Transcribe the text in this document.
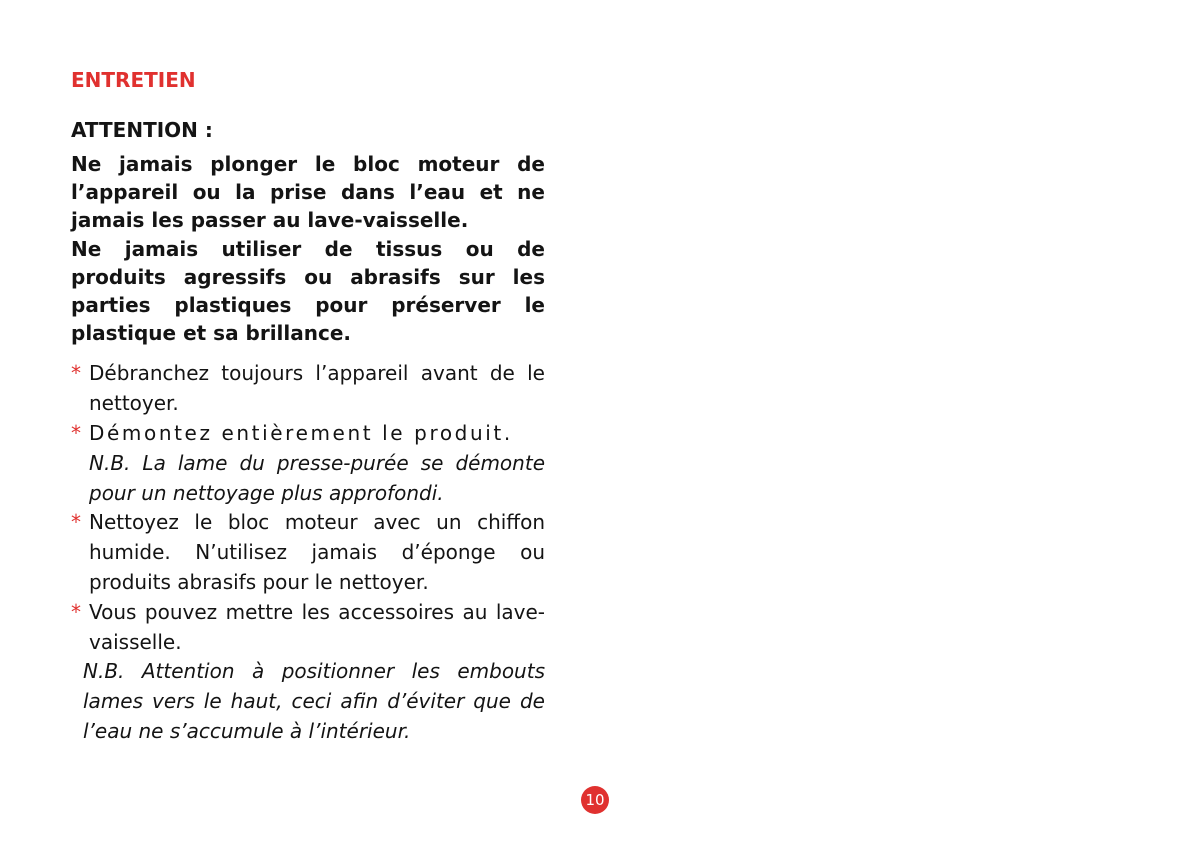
ENTRETIEN

ATTENTION :

Ne jamais plonger le bloc moteur de l’appareil ou la prise dans l’eau et ne jamais les passer au lave-vaisselle.

Ne jamais utiliser de tissus ou de produits agressifs ou abrasifs sur les parties plastiques pour préserver le plastique et sa brillance.

* Débranchez toujours l’appareil avant de le nettoyer.
* Démontez entièrement le produit.
N.B. La lame du presse-purée se démonte pour un nettoyage plus approfondi.
* Nettoyez le bloc moteur avec un chiffon humide. N’utilisez jamais d’éponge ou produits abrasifs pour le nettoyer.
* Vous pouvez mettre les accessoires au lave-vaisselle.

N.B. Attention à positionner les embouts lames vers le haut, ceci afin d’éviter que de l’eau ne s’accumule à l’intérieur.

10
